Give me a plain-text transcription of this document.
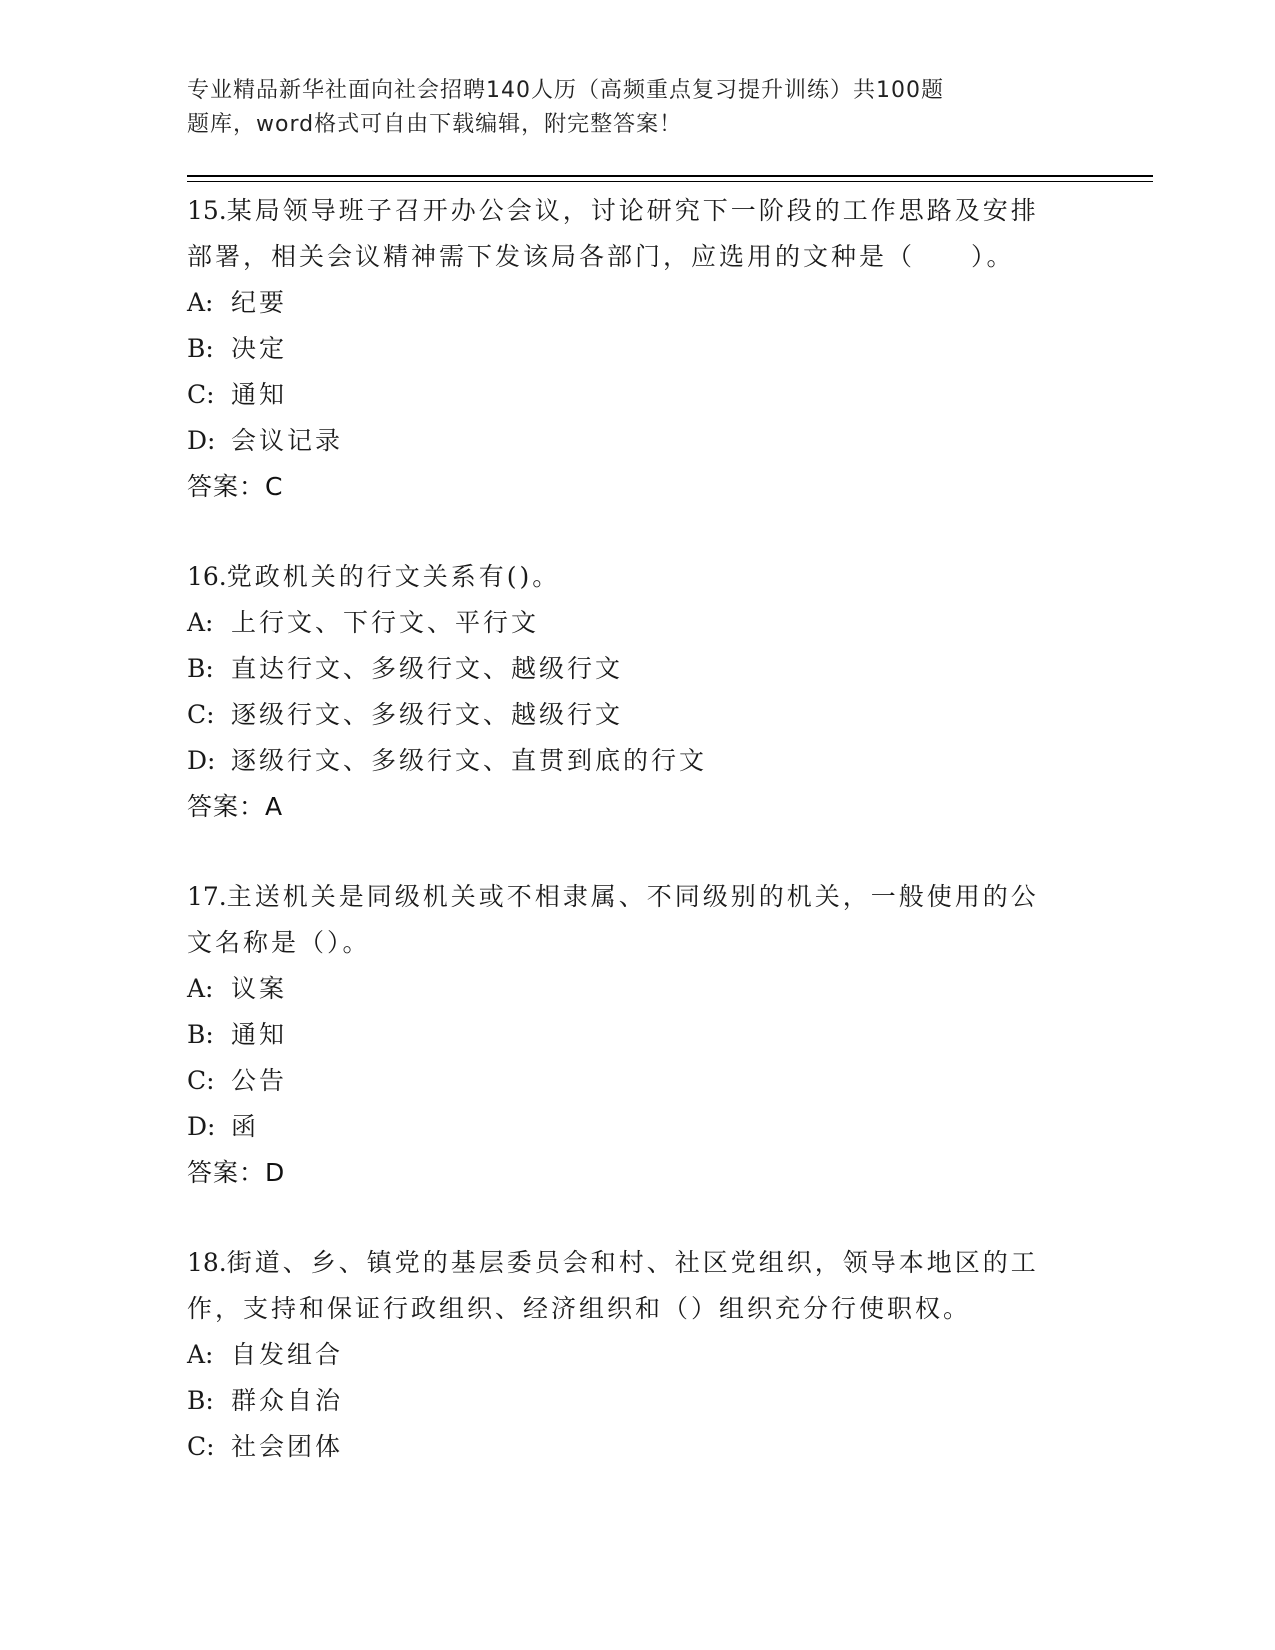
专业精品新华社面向社会招聘140人历（高频重点复习提升训练）共100题
题库，word格式可自由下载编辑，附完整答案！
15.某局领导班子召开办公会议，讨论研究下一阶段的工作思路及安排
部署，相关会议精神需下发该局各部门，应选用的文种是（　　）。
A: 纪要
B: 决定
C: 通知
D: 会议记录
答案：C
16.党政机关的行文关系有()。
A: 上行文、下行文、平行文
B: 直达行文、多级行文、越级行文
C: 逐级行文、多级行文、越级行文
D: 逐级行文、多级行文、直贯到底的行文
答案：A
17.主送机关是同级机关或不相隶属、不同级别的机关，一般使用的公
文名称是（）。
A: 议案
B: 通知
C: 公告
D: 函
答案：D
18.街道、乡、镇党的基层委员会和村、社区党组织，领导本地区的工
作，支持和保证行政组织、经济组织和（）组织充分行使职权。
A: 自发组合
B: 群众自治
C: 社会团体
